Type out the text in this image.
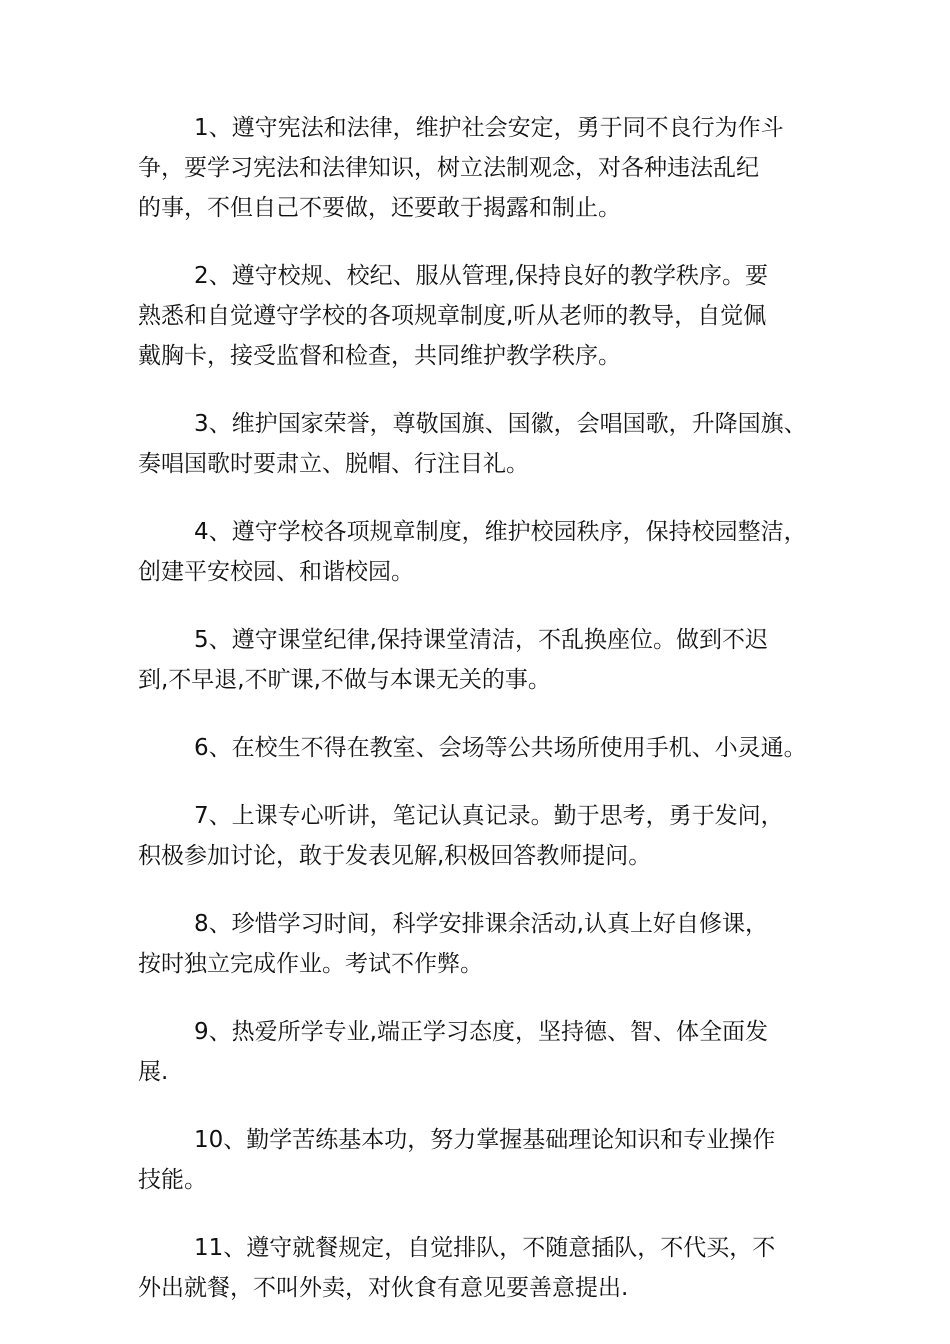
1、遵守宪法和法律，维护社会安定，勇于同不良行为作斗
争，要学习宪法和法律知识，树立法制观念，对各种违法乱纪
的事，不但自己不要做，还要敢于揭露和制止。
2、遵守校规、校纪、服从管理,保持良好的教学秩序。要
熟悉和自觉遵守学校的各项规章制度,听从老师的教导，自觉佩
戴胸卡，接受监督和检查，共同维护教学秩序。
3、维护国家荣誉，尊敬国旗、国徽，会唱国歌，升降国旗、
奏唱国歌时要肃立、脱帽、行注目礼。
4、遵守学校各项规章制度，维护校园秩序，保持校园整洁，
创建平安校园、和谐校园。
5、遵守课堂纪律,保持课堂清洁，不乱换座位。做到不迟
到,不早退,不旷课,不做与本课无关的事。
6、在校生不得在教室、会场等公共场所使用手机、小灵通。
7、上课专心听讲，笔记认真记录。勤于思考，勇于发问，
积极参加讨论，敢于发表见解,积极回答教师提问。
8、珍惜学习时间，科学安排课余活动,认真上好自修课，
按时独立完成作业。考试不作弊。
9、热爱所学专业,端正学习态度，坚持德、智、体全面发
展.
10、勤学苦练基本功，努力掌握基础理论知识和专业操作
技能。
11、遵守就餐规定，自觉排队，不随意插队，不代买，不
外出就餐，不叫外卖，对伙食有意见要善意提出.
